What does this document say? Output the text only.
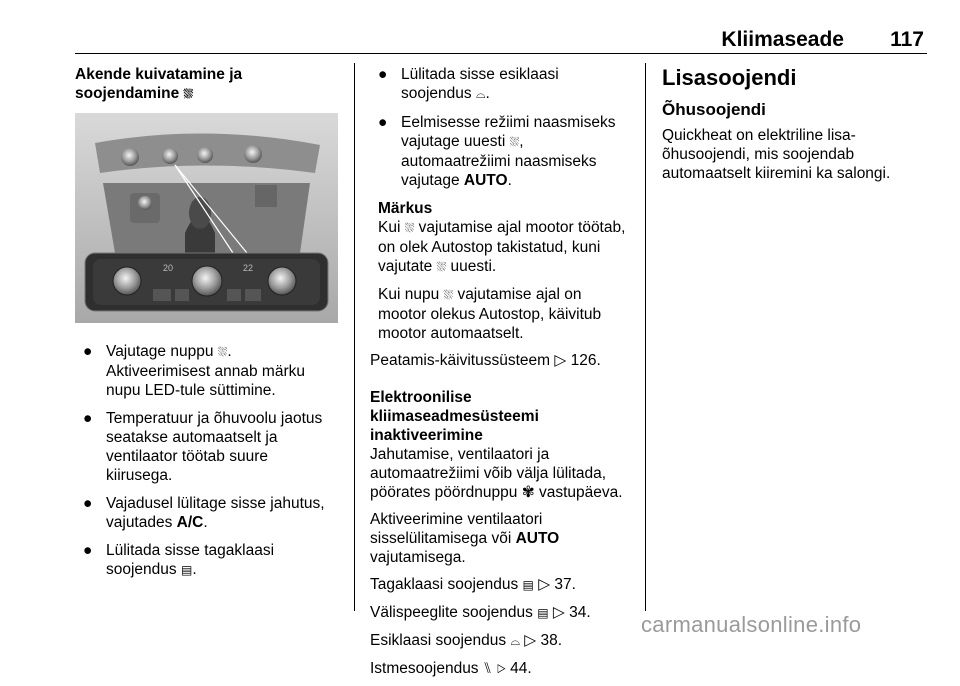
Kliimaseade 117
Akende kuivatamine ja
soojendamine ⛆
20	22
● Vajutage nuppu ⛆.
Aktiveerimisest annab märku
nupu LED-tule süttimine.
● Temperatuur ja õhuvoolu jaotus
seatakse automaatselt ja
ventilaator töötab suure
kiirusega.
● Vajadusel lülitage sisse jahutus,
vajutades A/C.
● Lülitada sisse tagaklaasi
soojendus ▤.
● Lülitada sisse esiklaasi
soojendus ⌓.
● Eelmisesse režiimi naasmiseks
vajutage uuesti ⛆,
automaatrežiimi naasmiseks
vajutage AUTO.
Märkus

Kui ⛆ vajutamise ajal mootor töötab,
on olek Autostop takistatud, kuni
vajutate ⛆ uuesti.

Kui nupu ⛆ vajutamise ajal on
mootor olekus Autostop, käivitub
mootor automaatselt.

Peatamis-käivitussüsteem ▷ 126.

Elektroonilise kliimaseadmesüsteemi
inaktiveerimine

Jahutamise, ventilaatori ja
automaatrežiimi võib välja lülitada,
pöörates pöördnuppu ✾ vastupäeva.

Aktiveerimine ventilaatori
sisselülitamisega või AUTO
vajutamisega.

Tagaklaasi soojendus ▤ ▷ 37.

Välispeeglite soojendus ▤ ▷ 34.

Esiklaasi soojendus ⌓ ▷ 38.

Istmesoojendus ⑊ ▷ 44.

Lisasoojendi
Õhusoojendi

Quickheat on elektriline lisa-
õhusoojendi, mis soojendab
automaatselt kiiremini ka salongi.

carmanualsonline.info
